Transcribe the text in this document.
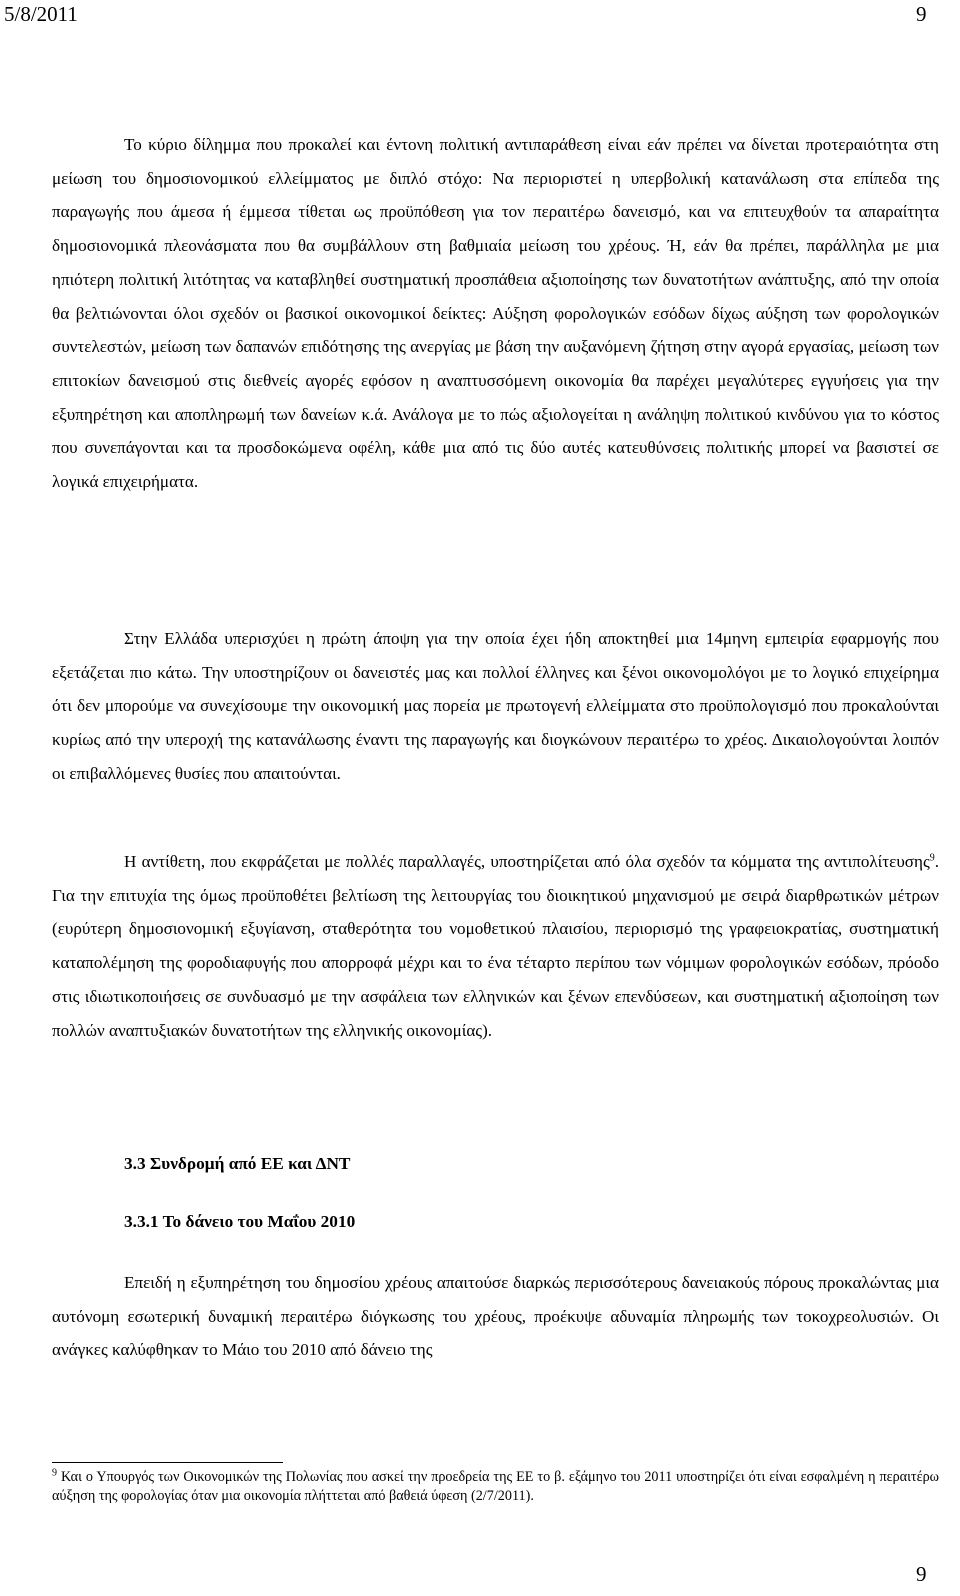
5/8/2011	9

Το κύριο δίλημμα που προκαλεί και έντονη πολιτική αντιπαράθεση είναι εάν πρέπει να δίνεται προτεραιότητα στη μείωση του δημοσιονομικού ελλείμματος με διπλό στόχο: Να περιοριστεί η υπερβολική κατανάλωση στα επίπεδα της παραγωγής που άμεσα ή έμμεσα τίθεται ως προϋπόθεση για τον περαιτέρω δανεισμό, και να επιτευχθούν τα απαραίτητα δημοσιονομικά πλεονάσματα που θα συμβάλλουν στη βαθμιαία μείωση του χρέους. Ή, εάν θα πρέπει, παράλληλα με μια ηπιότερη πολιτική λιτότητας να καταβληθεί συστηματική προσπάθεια αξιοποίησης των δυνατοτήτων ανάπτυξης, από την οποία θα βελτιώνονται όλοι σχεδόν οι βασικοί οικονομικοί δείκτες: Αύξηση φορολογικών εσόδων δίχως αύξηση των φορολογικών συντελεστών, μείωση των δαπανών επιδότησης της ανεργίας με βάση την αυξανόμενη ζήτηση στην αγορά εργασίας, μείωση των επιτοκίων δανεισμού στις διεθνείς αγορές εφόσον η αναπτυσσόμενη οικονομία θα παρέχει μεγαλύτερες εγγυήσεις για την εξυπηρέτηση και αποπληρωμή των δανείων κ.ά. Ανάλογα με το πώς αξιολογείται η ανάληψη πολιτικού κινδύνου για το κόστος που συνεπάγονται και τα προσδοκώμενα οφέλη, κάθε μια από τις δύο αυτές κατευθύνσεις πολιτικής μπορεί να βασιστεί σε λογικά επιχειρήματα.

Στην Ελλάδα υπερισχύει η πρώτη άποψη για την οποία έχει ήδη αποκτηθεί μια 14μηνη εμπειρία εφαρμογής που εξετάζεται πιο κάτω. Την υποστηρίζουν οι δανειστές μας και πολλοί έλληνες και ξένοι οικονομολόγοι με το λογικό επιχείρημα ότι δεν μπορούμε να συνεχίσουμε την οικονομική μας πορεία με πρωτογενή ελλείμματα στο προϋπολογισμό που προκαλούνται κυρίως από την υπεροχή της κατανάλωσης έναντι της παραγωγής και διογκώνουν περαιτέρω το χρέος. Δικαιολογούνται λοιπόν οι επιβαλλόμενες θυσίες που απαιτούνται.

Η αντίθετη, που εκφράζεται με πολλές παραλλαγές, υποστηρίζεται από όλα σχεδόν τα κόμματα της αντιπολίτευσης$^9$. Για την επιτυχία της όμως προϋποθέτει βελτίωση της λειτουργίας του διοικητικού μηχανισμού με σειρά διαρθρωτικών μέτρων (ευρύτερη δημοσιονομική εξυγίανση, σταθερότητα του νομοθετικού πλαισίου, περιορισμό της γραφειοκρατίας, συστηματική καταπολέμηση της φοροδιαφυγής που απορροφά μέχρι και το ένα τέταρτο περίπου των νόμιμων φορολογικών εσόδων, πρόοδο στις ιδιωτικοποιήσεις σε συνδυασμό με την ασφάλεια των ελληνικών και ξένων επενδύσεων, και συστηματική αξιοποίηση των πολλών αναπτυξιακών δυνατοτήτων της ελληνικής οικονομίας).

3.3 Συνδρομή από ΕΕ και ΔΝΤ
3.3.1 Το δάνειο του Μαΐου 2010

Επειδή η εξυπηρέτηση του δημοσίου χρέους απαιτούσε διαρκώς περισσότερους δανειακούς πόρους προκαλώντας μια αυτόνομη εσωτερική δυναμική περαιτέρω διόγκωσης του χρέους, προέκυψε αδυναμία πληρωμής των τοκοχρεολυσιών. Οι ανάγκες καλύφθηκαν το Μάιο του 2010 από δάνειο της

$^9$ Και ο Υπουργός των Οικονομικών της Πολωνίας που ασκεί την προεδρεία της ΕΕ το β. εξάμηνο του 2011 υποστηρίζει ότι είναι εσφαλμένη η περαιτέρω αύξηση της φορολογίας όταν μια οικονομία πλήττεται από βαθειά ύφεση (2/7/2011).

9
